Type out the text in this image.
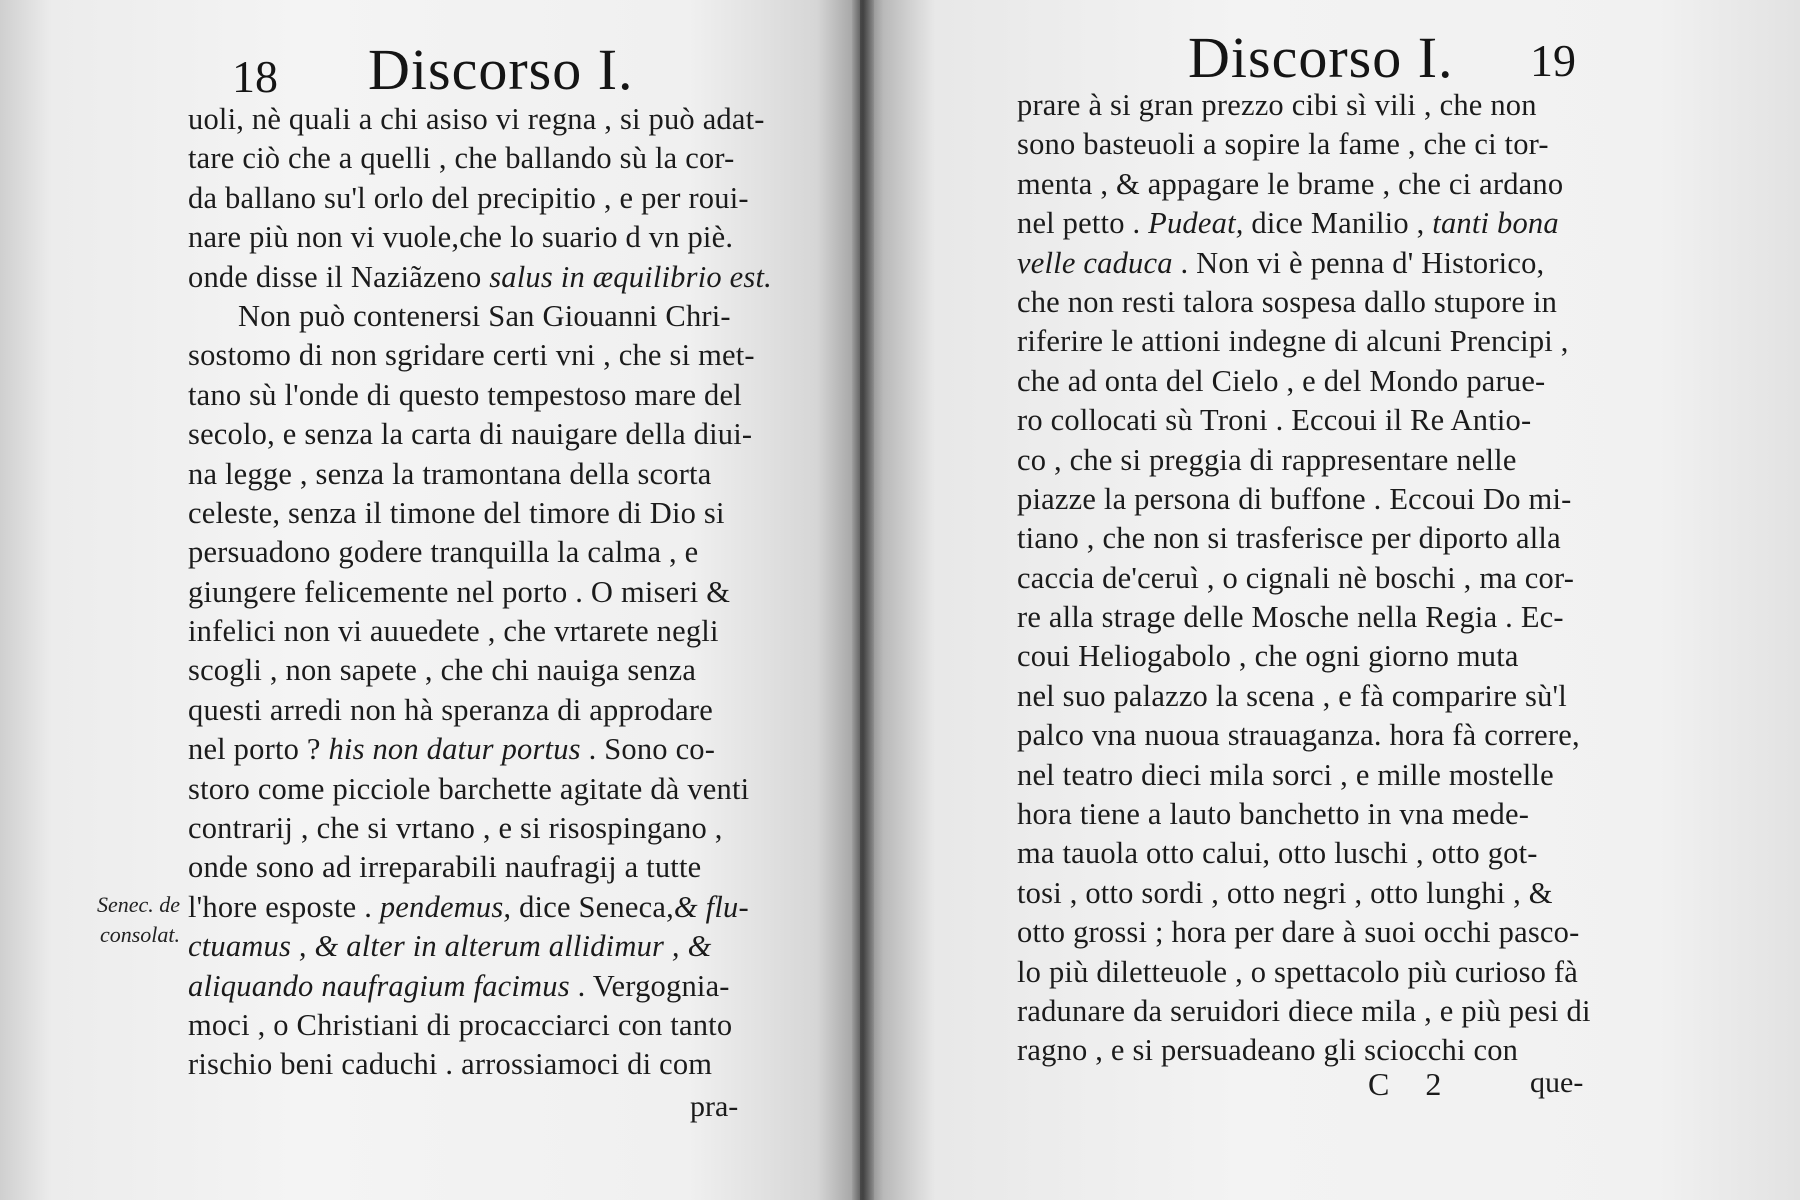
18 Discorso I.
uoli, nè quali a chi asiso vi regna , si può adat-
tare ciò che a quelli , che ballando sù la cor-
da ballano su'l orlo del precipitio , e per roui-
nare più non vi vuole,che lo suario d vn piè.
onde disse il Naziãzeno salus in æquilibrio est.
Non può contenersi San Giouanni Chri-
sostomo di non sgridare certi vni , che si met-
tano sù l'onde di questo tempestoso mare del
secolo, e senza la carta di nauigare della diui-
na legge , senza la tramontana della scorta
celeste, senza il timone del timore di Dio si
persuadono godere tranquilla la calma , e
giungere felicemente nel porto . O miseri &
infelici non vi auuedete , che vrtarete negli
scogli , non sapete , che chi nauiga senza
questi arredi non hà speranza di approdare
nel porto ? his non datur portus . Sono co-
storo come picciole barchette agitate dà venti
contrarij , che si vrtano , e si risospingano ,
onde sono ad irreparabili naufragij a tutte
l'hore esposte . pendemus, dice Seneca,& flu-
ctuamus , & alter in alterum allidimur , &
aliquando naufragium facimus . Vergognia-
moci , o Christiani di procacciarci con tanto
rischio beni caduchi . arrossiamoci di com
Senec. de
consolat.
pra-
Discorso I. 19
prare à si gran prezzo cibi sì vili , che non
sono basteuoli a sopire la fame , che ci tor-
menta , & appagare le brame , che ci ardano
nel petto . Pudeat, dice Manilio , tanti bona
velle caduca . Non vi è penna d' Historico,
che non resti talora sospesa dallo stupore in
riferire le attioni indegne di alcuni Prencipi ,
che ad onta del Cielo , e del Mondo parue-
ro collocati sù Troni . Eccoui il Re Antio-
co , che si preggia di rappresentare nelle
piazze la persona di buffone . Eccoui Do mi-
tiano , che non si trasferisce per diporto alla
caccia de'ceruì , o cignali nè boschi , ma cor-
re alla strage delle Mosche nella Regia . Ec-
coui Heliogabolo , che ogni giorno muta
nel suo palazzo la scena , e fà comparire sù'l
palco vna nuoua strauaganza. hora fà correre,
nel teatro dieci mila sorci , e mille mostelle
hora tiene a lauto banchetto in vna mede-
ma tauola otto calui, otto luschi , otto got-
tosi , otto sordi , otto negri , otto lunghi , &
otto grossi ; hora per dare à suoi occhi pasco-
lo più diletteuole , o spettacolo più curioso fà
radunare da seruidori diece mila , e più pesi di
ragno , e si persuadeano gli sciocchi con
C 2 que-
